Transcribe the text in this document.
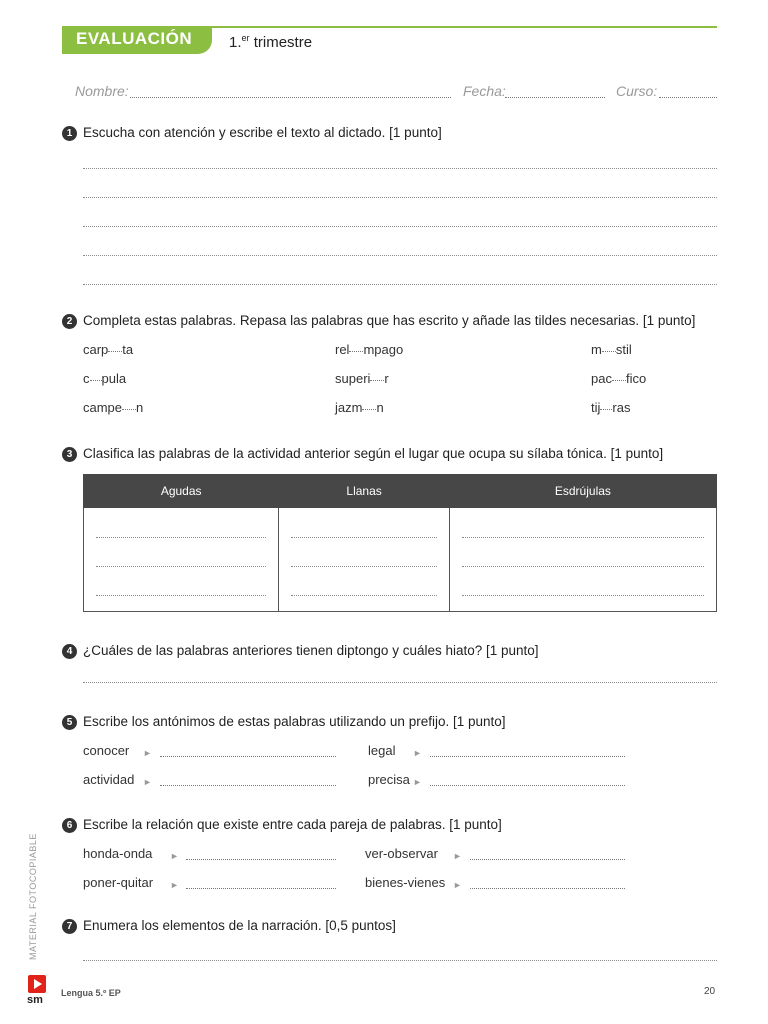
EVALUACIÓN	1.$^{er}$ trimestre
Nombre:	Fecha:	Curso:
1 Escucha con atención y escribe el texto al dictado. [1 punto]
2 Completa estas palabras. Repasa las palabras que has escrito y añade las tildes necesarias. [1 punto]
carp ta	rel mpago	m stil
c pula	superi r	pac fico
campe n	jazm n	tij ras
3 Clasifica las palabras de la actividad anterior según el lugar que ocupa su sílaba tónica. [1 punto]
Agudas	Llanas	Esdrújulas

4 ¿Cuáles de las palabras anteriores tienen diptongo y cuáles hiato? [1 punto]
5 Escribe los antónimos de estas palabras utilizando un prefijo. [1 punto]
conocer ►	legal ►
actividad ►	precisa ►
6 Escribe la relación que existe entre cada pareja de palabras. [1 punto]
honda-onda ►	ver-observar ►
poner-quitar ►	bienes-vienes ►
7 Enumera los elementos de la narración. [0,5 puntos]
MATERIAL FOTOCOPIABLE
sm
Lengua 5.º EP	20
